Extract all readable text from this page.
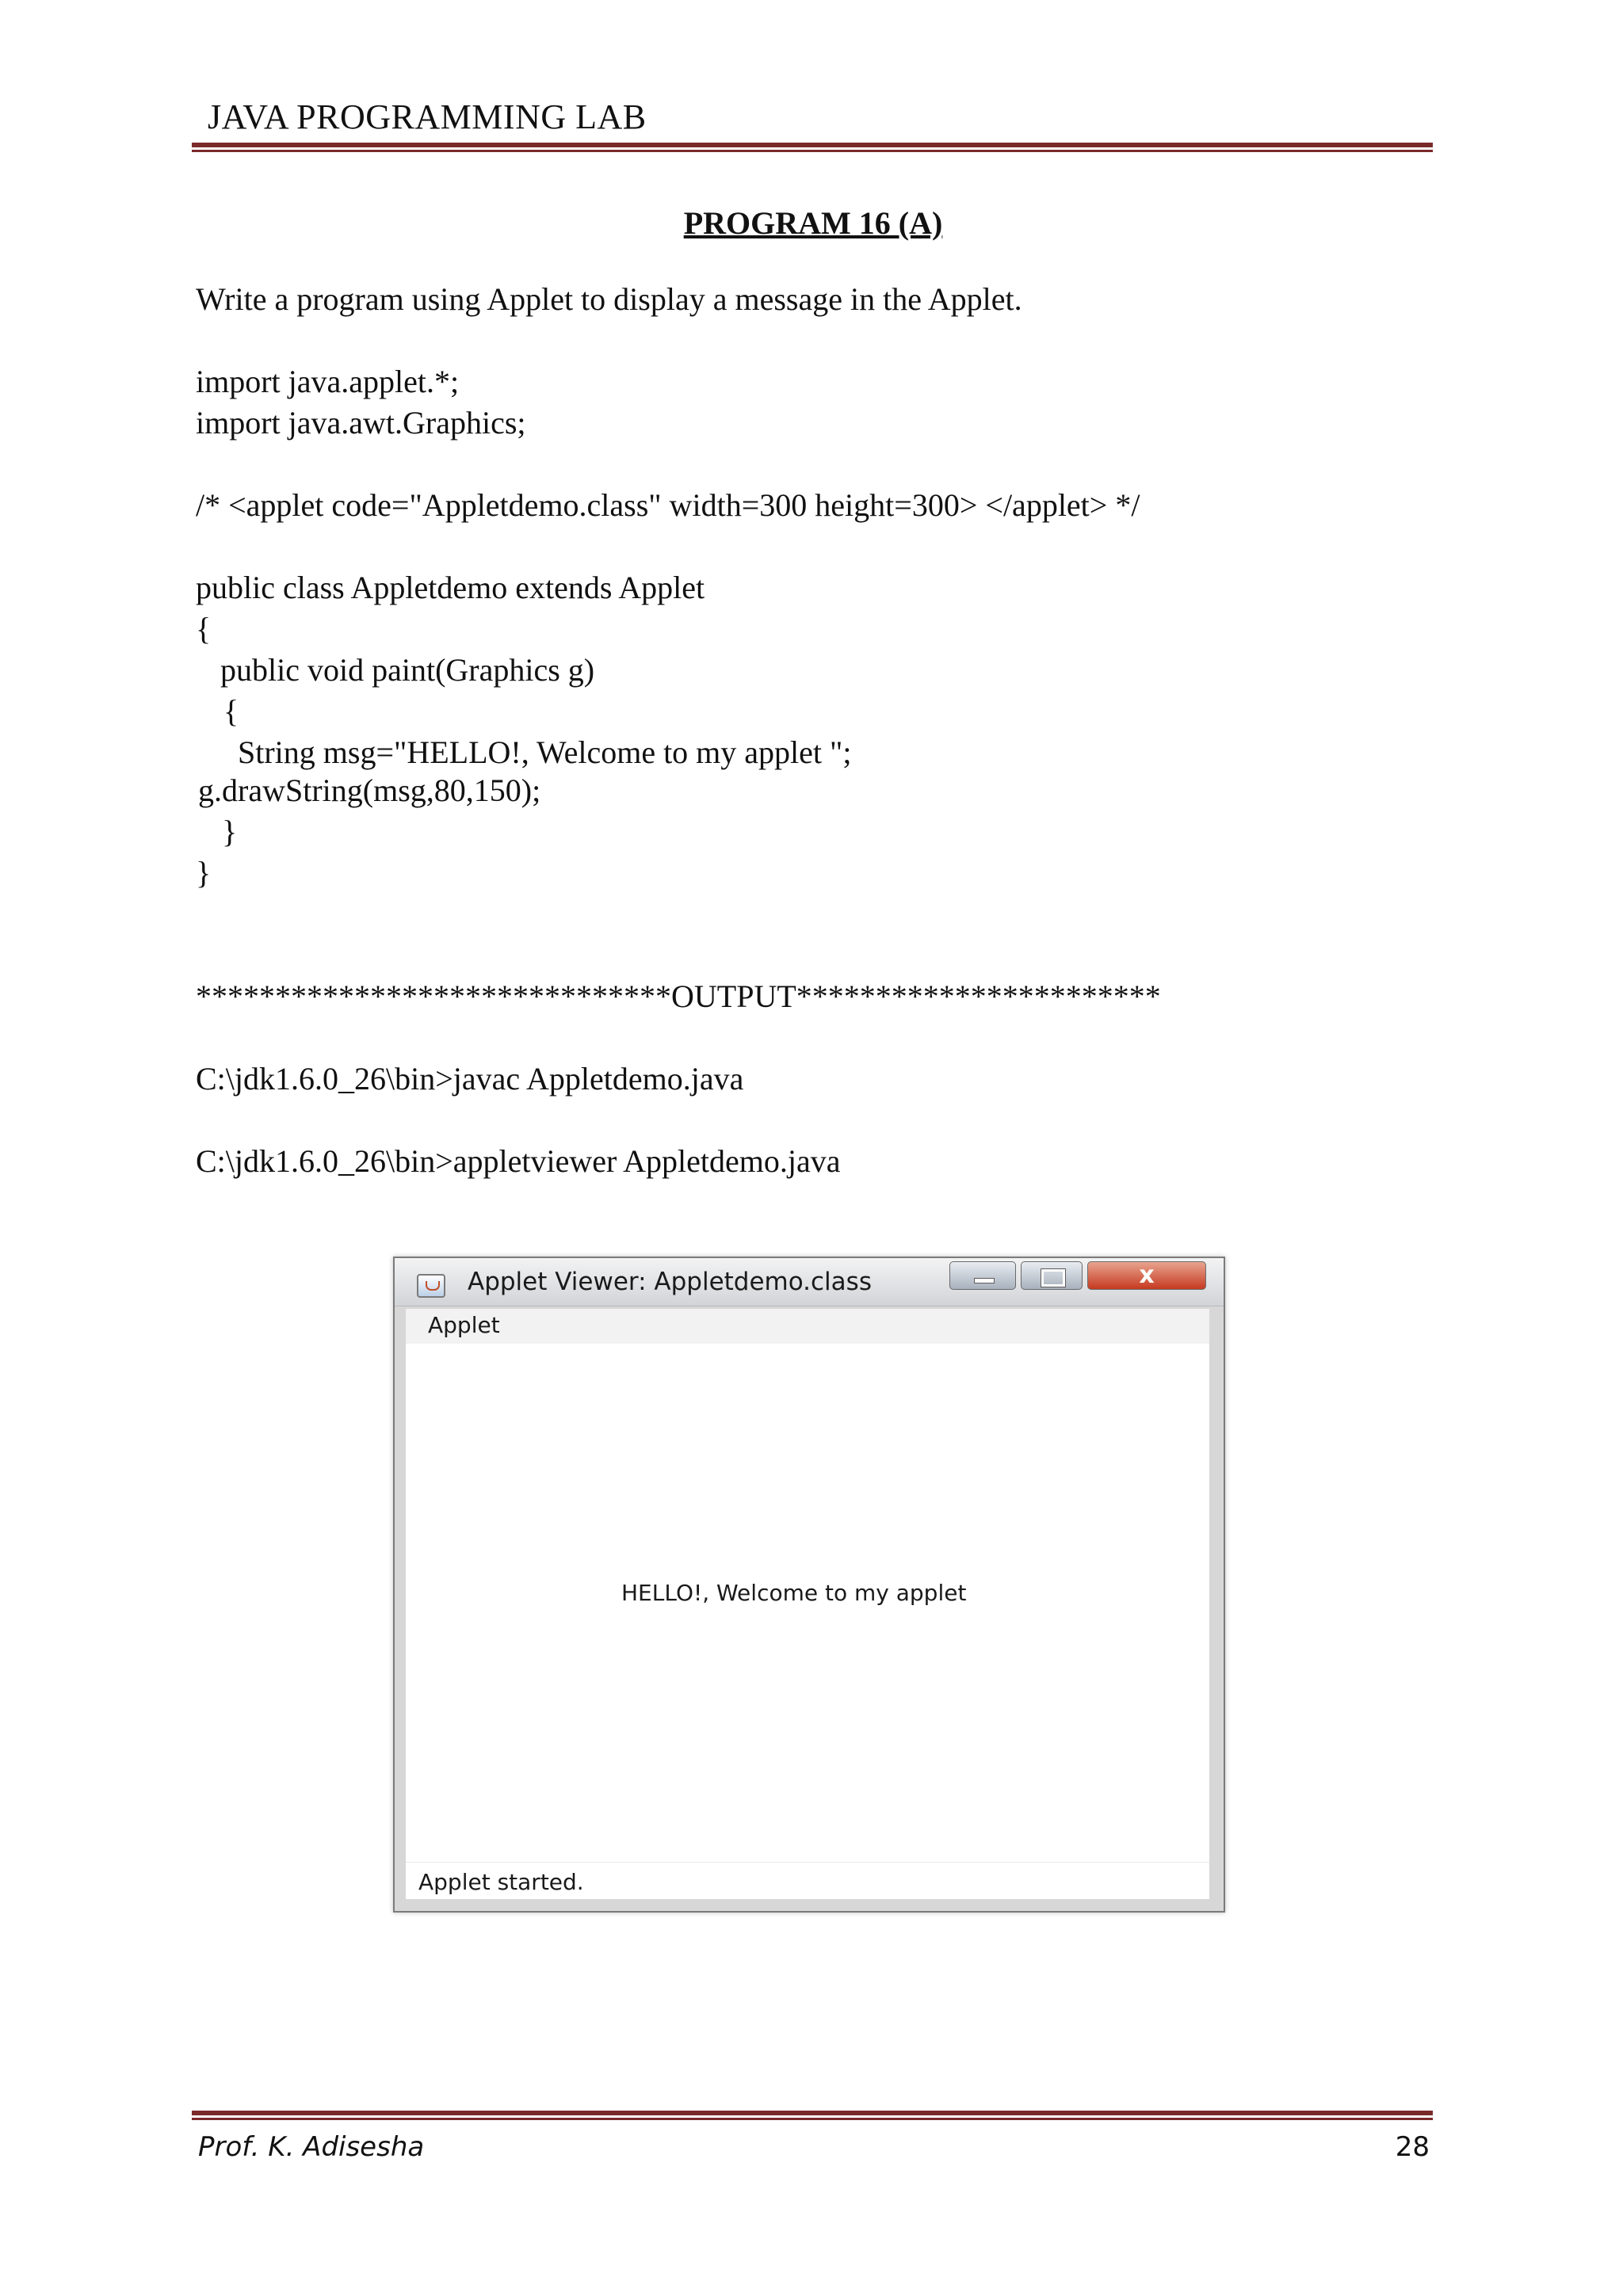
JAVA PROGRAMMING LAB
PROGRAM 16 (A)
Write a program using Applet to display a message in the Applet.
import java.applet.*;
import java.awt.Graphics;
/* <applet code="Appletdemo.class" width=300 height=300> </applet> */
public class Appletdemo extends Applet
{
public void paint(Graphics g)
{
String msg="HELLO!, Welcome to my applet ";
g.drawString(msg,80,150);
}
}
******************************OUTPUT***********************
C:\jdk1.6.0_26\bin>javac Appletdemo.java
C:\jdk1.6.0_26\bin>appletviewer Appletdemo.java
Applet Viewer: Appletdemo.class	x
Applet
HELLO!, Welcome to my applet
Applet started.
Prof. K. Adisesha	28
